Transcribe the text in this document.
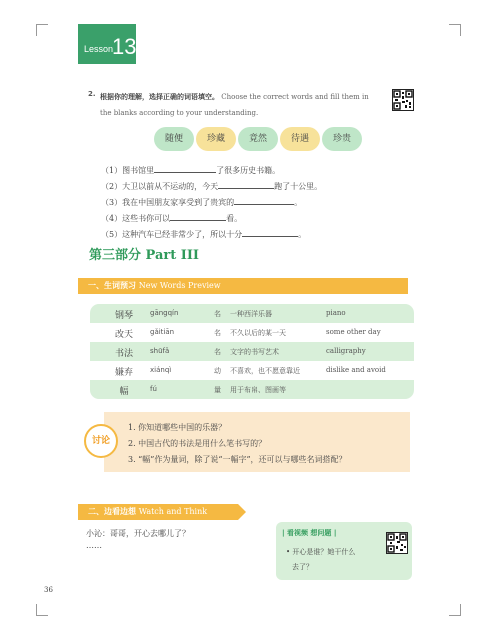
Lesson
13
2. 根据你的理解，选择正确的词语填空。 Choose the correct words and fill them in
the blanks according to your understanding.
随便	珍藏	竟然	待遇	珍贵
（1）图书馆里	了很多历史书籍。
（2）大卫以前从不运动的，今天	跑了十公里。
（3）我在中国朋友家享受到了贵宾的	。
（4）这些书你可以	看。
（5）这种汽车已经非常少了，所以十分	。
第三部分 Part III
一、生词预习 New Words Preview
钢琴	gāngqín	名 一种西洋乐器	piano
改天	gǎitiān	名 不久以后的某一天	some other day
书法	shūfǎ	名 文字的书写艺术	calligraphy
嫌弃	xiánqì	动 不喜欢，也不愿意靠近	dislike and avoid
幅	fú	量 用于布帛、图画等
讨论
1. 你知道哪些中国的乐器？
2. 中国古代的书法是用什么笔书写的？
3. “幅”作为量词，除了说“一幅字”，还可以与哪些名词搭配？
二、边看边想 Watch and Think
小沁：哥哥，开心去哪儿了？
……
| 看视频 想问题 |
• 开心是谁？她干什么
去了？
36
